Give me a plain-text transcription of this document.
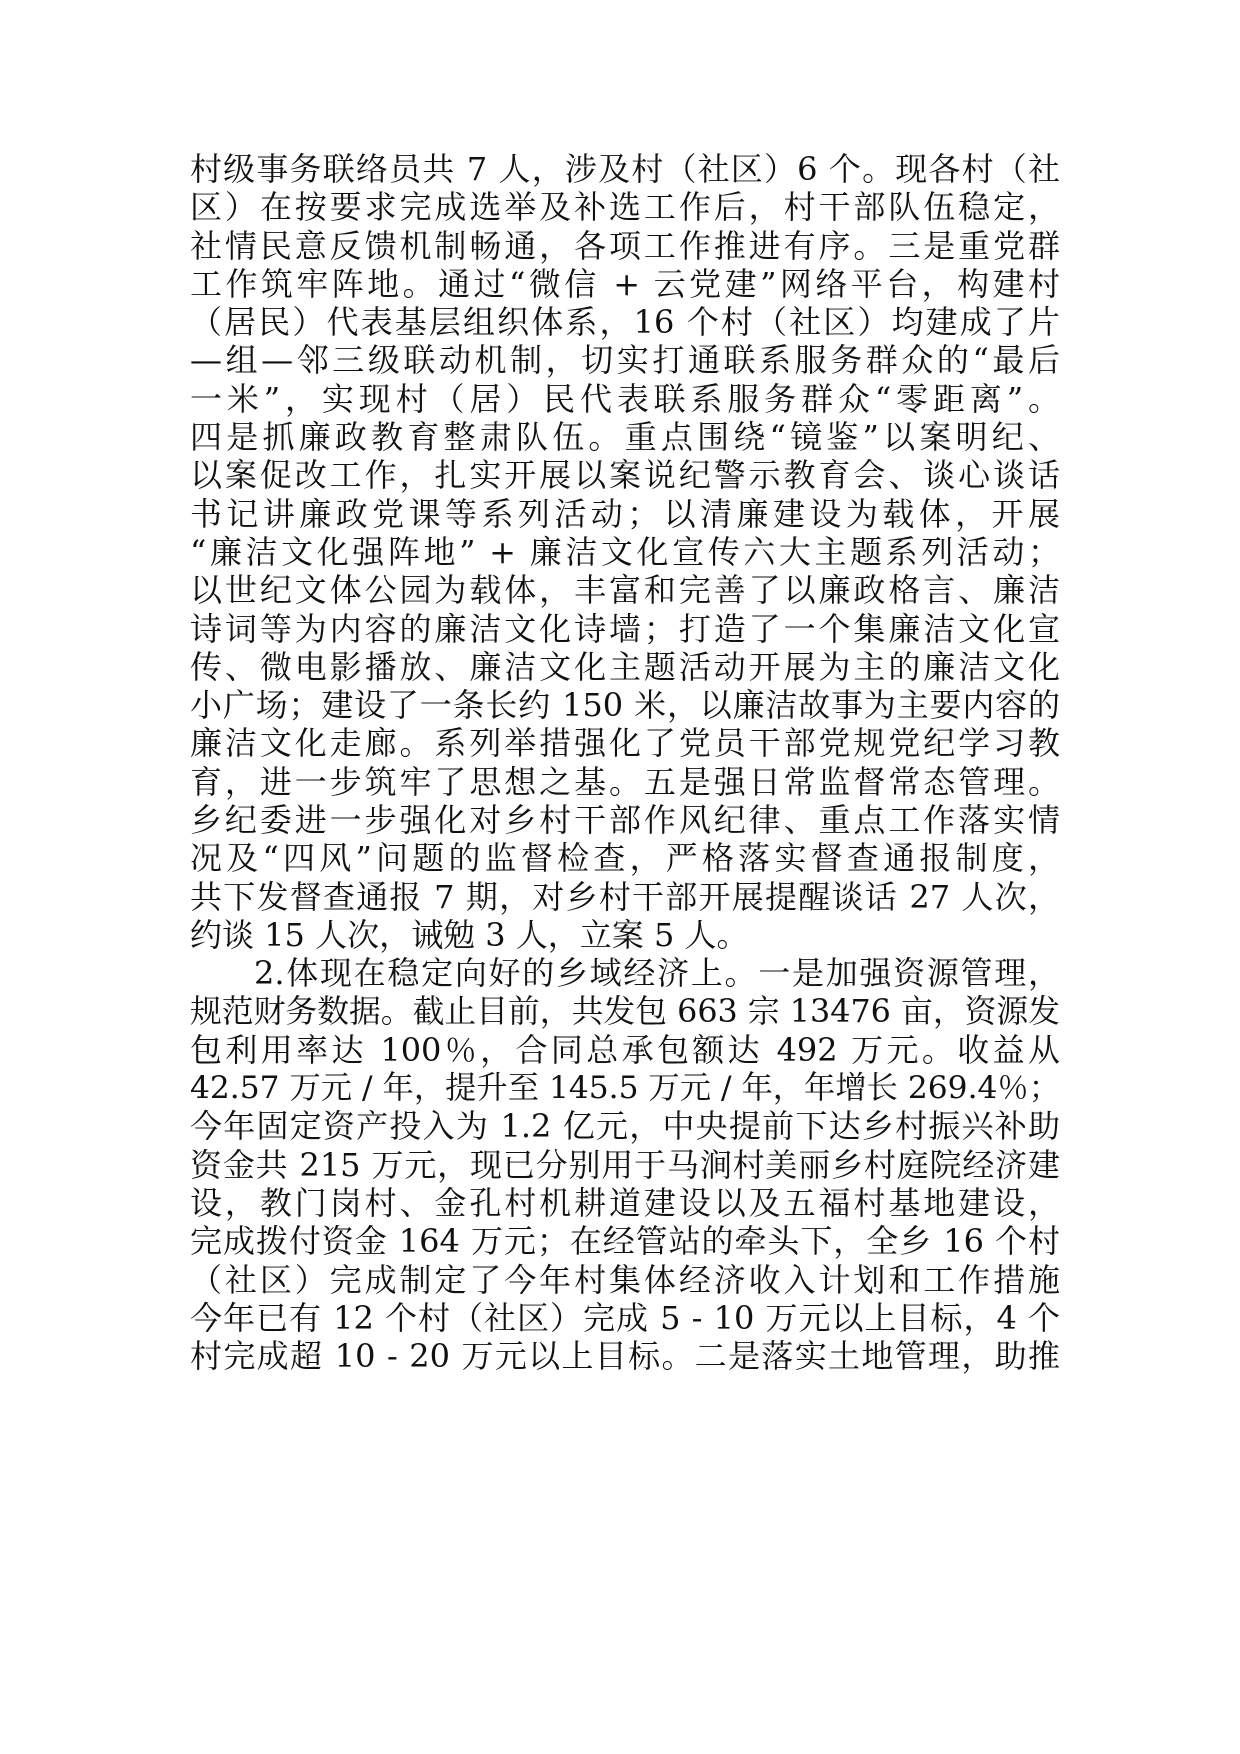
村级事务联络员共 7 人，涉及村（社区）6 个。现各村（社
区）在按要求完成选举及补选工作后，村干部队伍稳定，
社情民意反馈机制畅通，各项工作推进有序。三是重党群
工作筑牢阵地。通过“微信 + 云党建”网络平台，构建村
（居民）代表基层组织体系，16 个村（社区）均建成了片
—组—邻三级联动机制，切实打通联系服务群众的“最后
一米”，实现村（居）民代表联系服务群众“零距离”。
四是抓廉政教育整肃队伍。重点围绕“镜鉴”以案明纪、
以案促改工作，扎实开展以案说纪警示教育会、谈心谈话
书记讲廉政党课等系列活动；以清廉建设为载体，开展
“廉洁文化强阵地” + 廉洁文化宣传六大主题系列活动；
以世纪文体公园为载体，丰富和完善了以廉政格言、廉洁
诗词等为内容的廉洁文化诗墙；打造了一个集廉洁文化宣
传、微电影播放、廉洁文化主题活动开展为主的廉洁文化
小广场；建设了一条长约 150 米，以廉洁故事为主要内容的
廉洁文化走廊。系列举措强化了党员干部党规党纪学习教
育，进一步筑牢了思想之基。五是强日常监督常态管理。
乡纪委进一步强化对乡村干部作风纪律、重点工作落实情
况及“四风”问题的监督检查，严格落实督查通报制度，
共下发督查通报 7 期，对乡村干部开展提醒谈话 27 人次，
约谈 15 人次，诫勉 3 人，立案 5 人。
2.体现在稳定向好的乡域经济上。一是加强资源管理，
规范财务数据。截止目前，共发包 663 宗 13476 亩，资源发
包利用率达 100％，合同总承包额达 492 万元。收益从
42.57 万元 / 年，提升至 145.5 万元 / 年，年增长 269.4％；
今年固定资产投入为 1.2 亿元，中央提前下达乡村振兴补助
资金共 215 万元，现已分别用于马涧村美丽乡村庭院经济建
设，教门岗村、金孔村机耕道建设以及五福村基地建设，
完成拨付资金 164 万元；在经管站的牵头下，全乡 16 个村
（社区）完成制定了今年村集体经济收入计划和工作措施
今年已有 12 个村（社区）完成 5 - 10 万元以上目标，4 个
村完成超 10 - 20 万元以上目标。二是落实土地管理，助推
